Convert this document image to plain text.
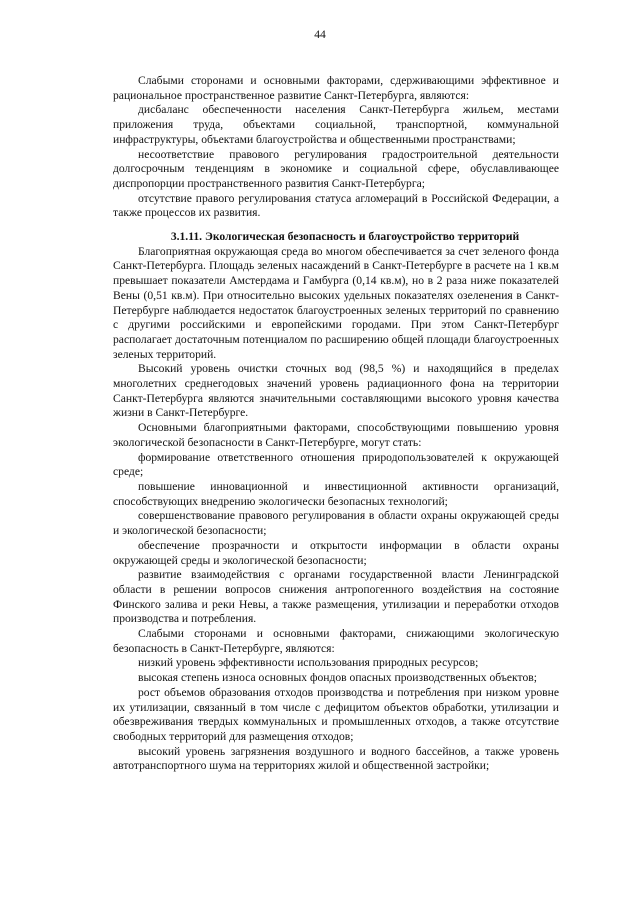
44

Слабыми сторонами и основными факторами, сдерживающими эффективное и рациональное пространственное развитие Санкт-Петербурга, являются:

дисбаланс обеспеченности населения Санкт-Петербурга жильем, местами приложения труда, объектами социальной, транспортной, коммунальной инфраструктуры, объектами благоустройства и общественными пространствами;

несоответствие правового регулирования градостроительной деятельности долгосрочным тенденциям в экономике и социальной сфере, обуславливающее диспропорции пространственного развития Санкт-Петербурга;

отсутствие правого регулирования статуса агломераций в Российской Федерации, а также процессов их развития.

3.1.11. Экологическая безопасность и благоустройство территорий

Благоприятная окружающая среда во многом обеспечивается за счет зеленого фонда Санкт-Петербурга. Площадь зеленых насаждений в Санкт-Петербурге в расчете на 1 кв.м превышает показатели Амстердама и Гамбурга (0,14 кв.м), но в 2 раза ниже показателей Вены (0,51 кв.м). При относительно высоких удельных показателях озеленения в Санкт-Петербурге наблюдается недостаток благоустроенных зеленых территорий по сравнению с другими российскими и европейскими городами. При этом Санкт-Петербург располагает достаточным потенциалом по расширению общей площади благоустроенных зеленых территорий.

Высокий уровень очистки сточных вод (98,5 %) и находящийся в пределах многолетних среднегодовых значений уровень радиационного фона на территории Санкт-Петербурга являются значительными составляющими высокого уровня качества жизни в Санкт-Петербурге.

Основными благоприятными факторами, способствующими повышению уровня экологической безопасности в Санкт-Петербурге, могут стать:

формирование ответственного отношения природопользователей к окружающей среде;

повышение инновационной и инвестиционной активности организаций, способствующих внедрению экологически безопасных технологий;

совершенствование правового регулирования в области охраны окружающей среды и экологической безопасности;

обеспечение прозрачности и открытости информации в области охраны окружающей среды и экологической безопасности;

развитие взаимодействия с органами государственной власти Ленинградской области в решении вопросов снижения антропогенного воздействия на состояние Финского залива и реки Невы, а также размещения, утилизации и переработки отходов производства и потребления.

Слабыми сторонами и основными факторами, снижающими экологическую безопасность в Санкт-Петербурге, являются:

низкий уровень эффективности использования природных ресурсов;

высокая степень износа основных фондов опасных производственных объектов;

рост объемов образования отходов производства и потребления при низком уровне их утилизации, связанный в том числе с дефицитом объектов обработки, утилизации и обезвреживания твердых коммунальных и промышленных отходов, а также отсутствие свободных территорий для размещения отходов;

высокий уровень загрязнения воздушного и водного бассейнов, а также уровень автотранспортного шума на территориях жилой и общественной застройки;
